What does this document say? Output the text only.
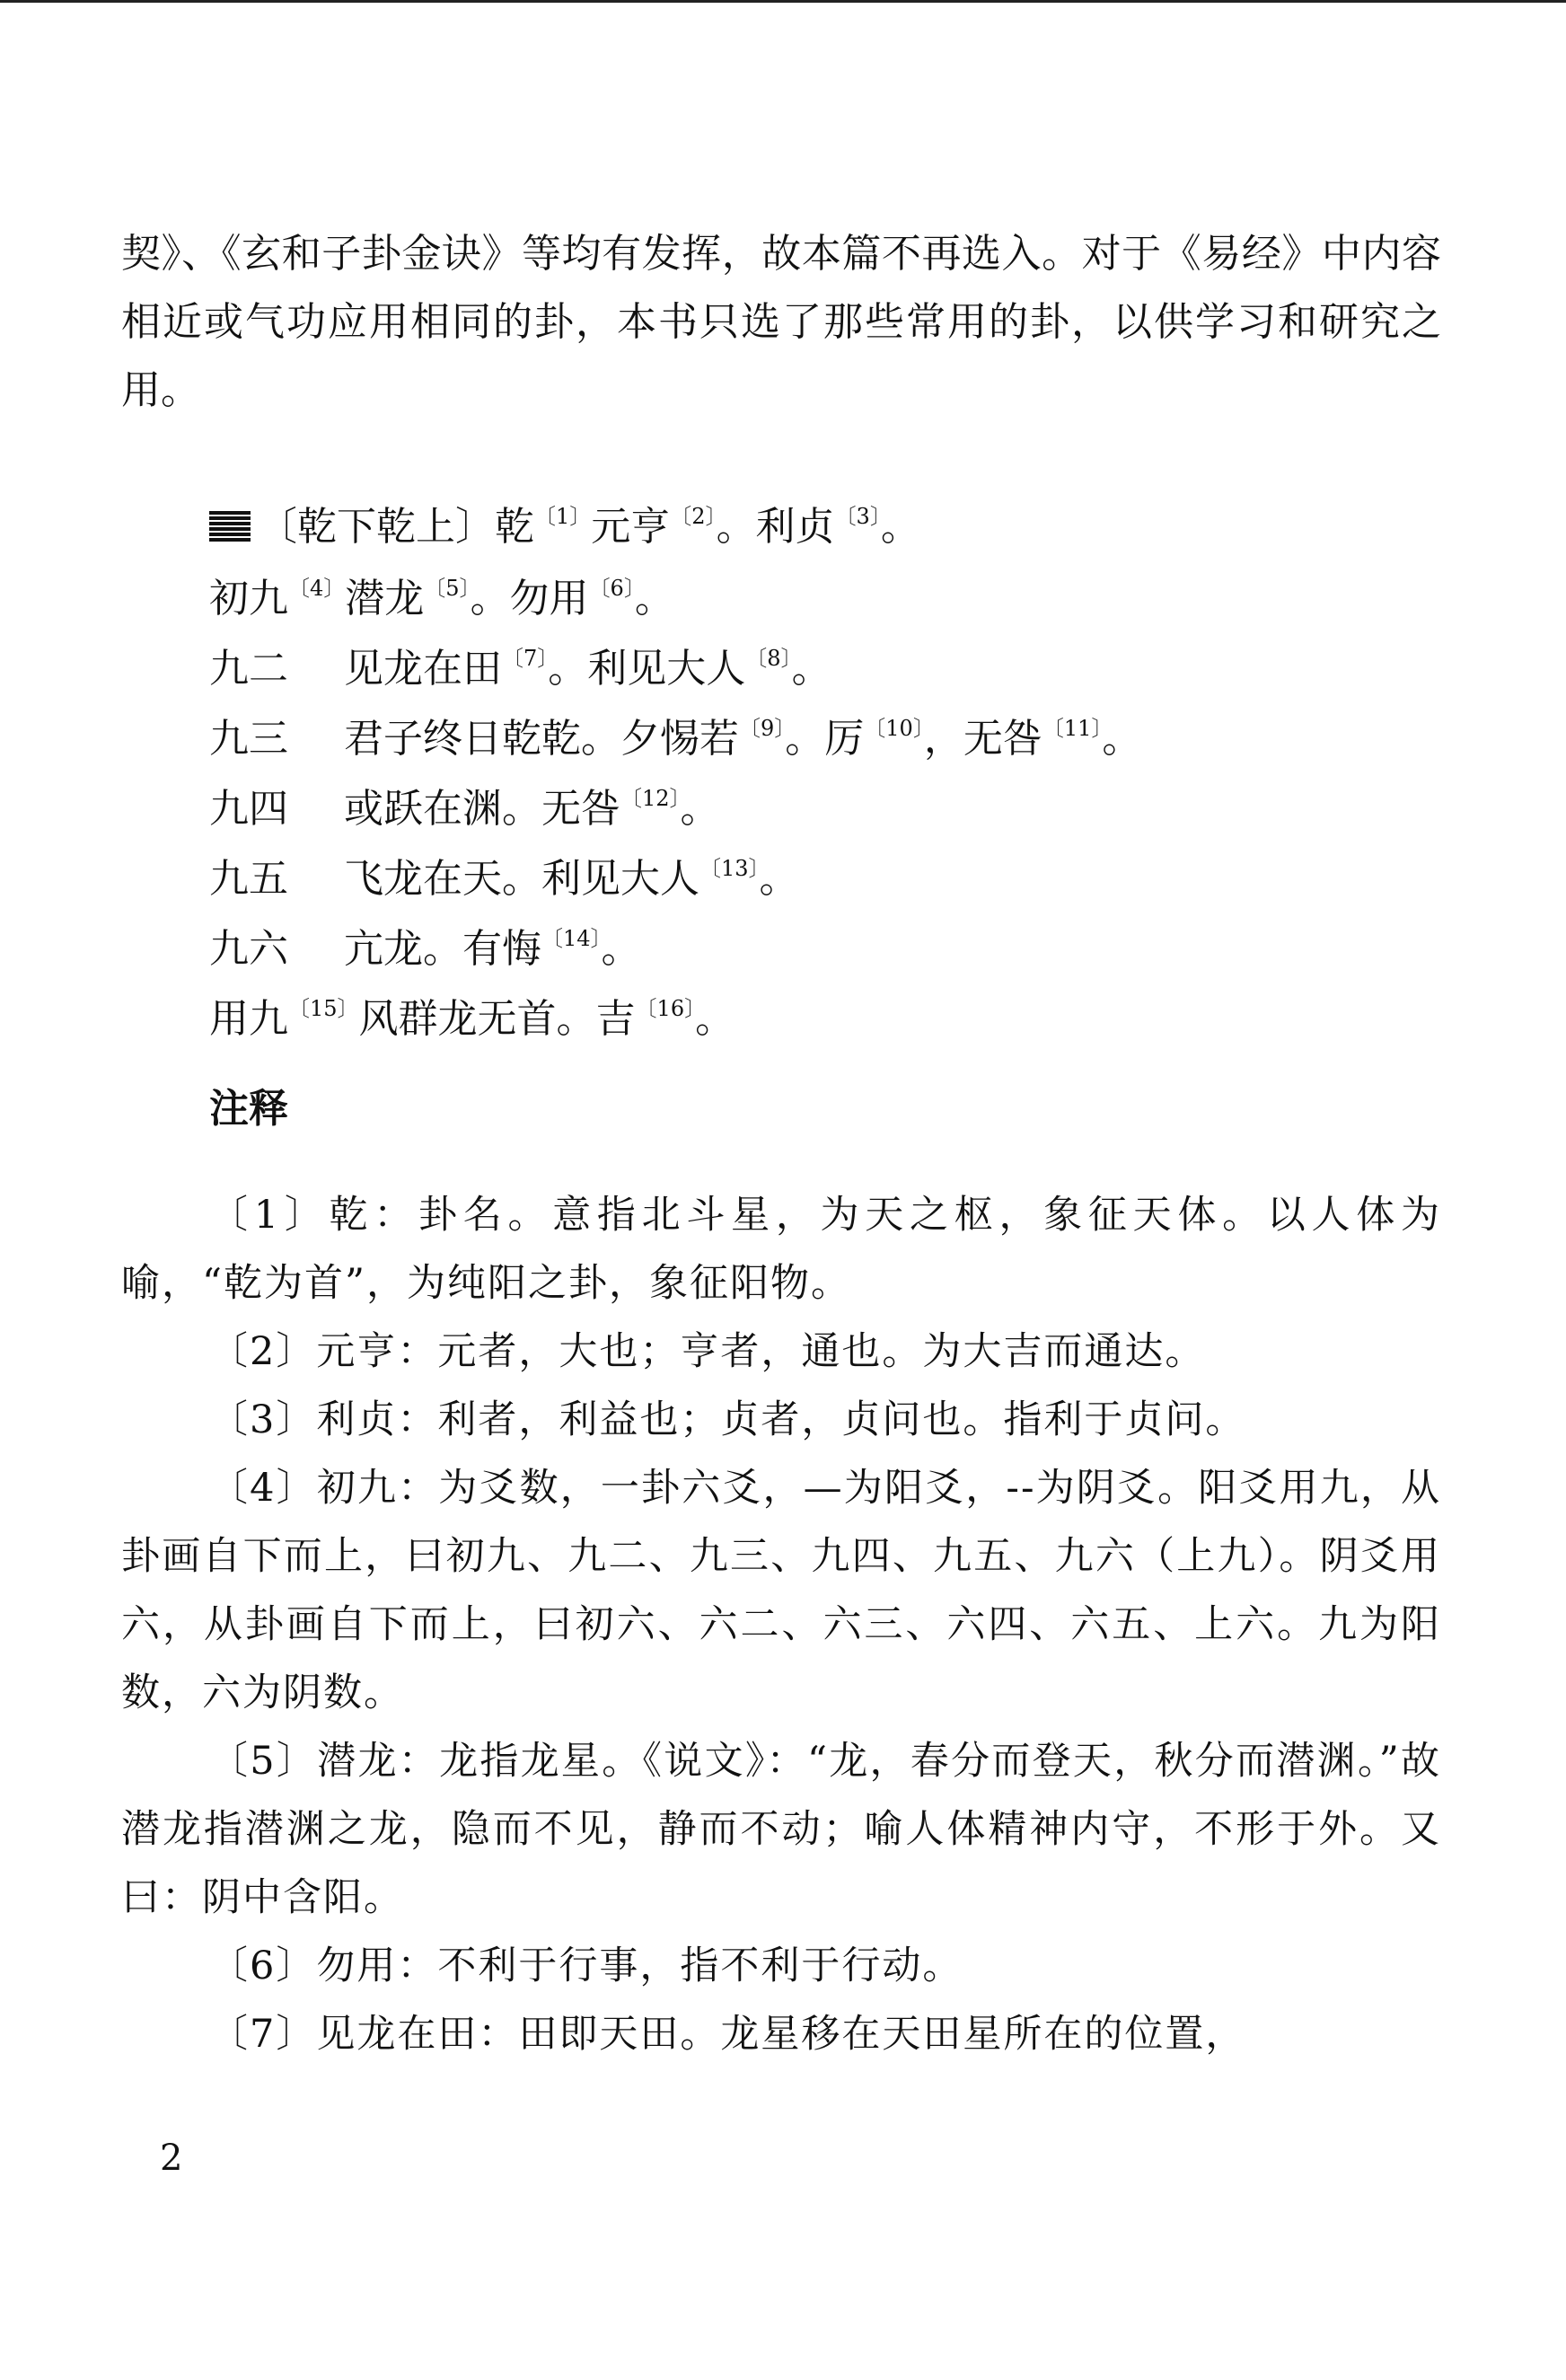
契》、《玄和子卦金诀》等均有发挥，故本篇不再选入。对于《易经》中内容相近或气功应用相同的卦，本书只选了那些常用的卦，以供学习和研究之用。

〔乾下乾上〕乾$^{〔1〕}$元亨$^{〔2〕}$。利贞$^{〔3〕}$。
初九$^{〔4〕}$潜龙$^{〔5〕}$。勿用$^{〔6〕}$。
九二 见龙在田$^{〔7〕}$。利见大人$^{〔8〕}$。
九三 君子终日乾乾。夕惕若$^{〔9〕}$。厉$^{〔10〕}$，无咎$^{〔11〕}$。
九四 或跃在渊。无咎$^{〔12〕}$。
九五 飞龙在天。利见大人$^{〔13〕}$。
九六 亢龙。有悔$^{〔14〕}$。
用九$^{〔15〕}$风群龙无首。吉$^{〔16〕}$。
注释

〔1〕乾：卦名。意指北斗星，为天之枢，象征天体。以人体为喻，“乾为首”，为纯阳之卦，象征阳物。

〔2〕元亨：元者，大也；亨者，通也。为大吉而通达。

〔3〕利贞：利者，利益也；贞者，贞问也。指利于贞问。

〔4〕初九：为爻数，一卦六爻，—为阳爻，--为阴爻。阳爻用九，从卦画自下而上，曰初九、九二、九三、九四、九五、九六（上九）。阴爻用六，从卦画自下而上，曰初六、六二、六三、六四、六五、上六。九为阳数，六为阴数。

〔5〕潜龙：龙指龙星。《说文》：“龙，春分而登天，秋分而潜渊。”故潜龙指潜渊之龙，隐而不见，静而不动；喻人体精神内守，不形于外。又曰：阴中含阳。

〔6〕勿用：不利于行事，指不利于行动。

〔7〕见龙在田：田即天田。龙星移在天田星所在的位置，

2
